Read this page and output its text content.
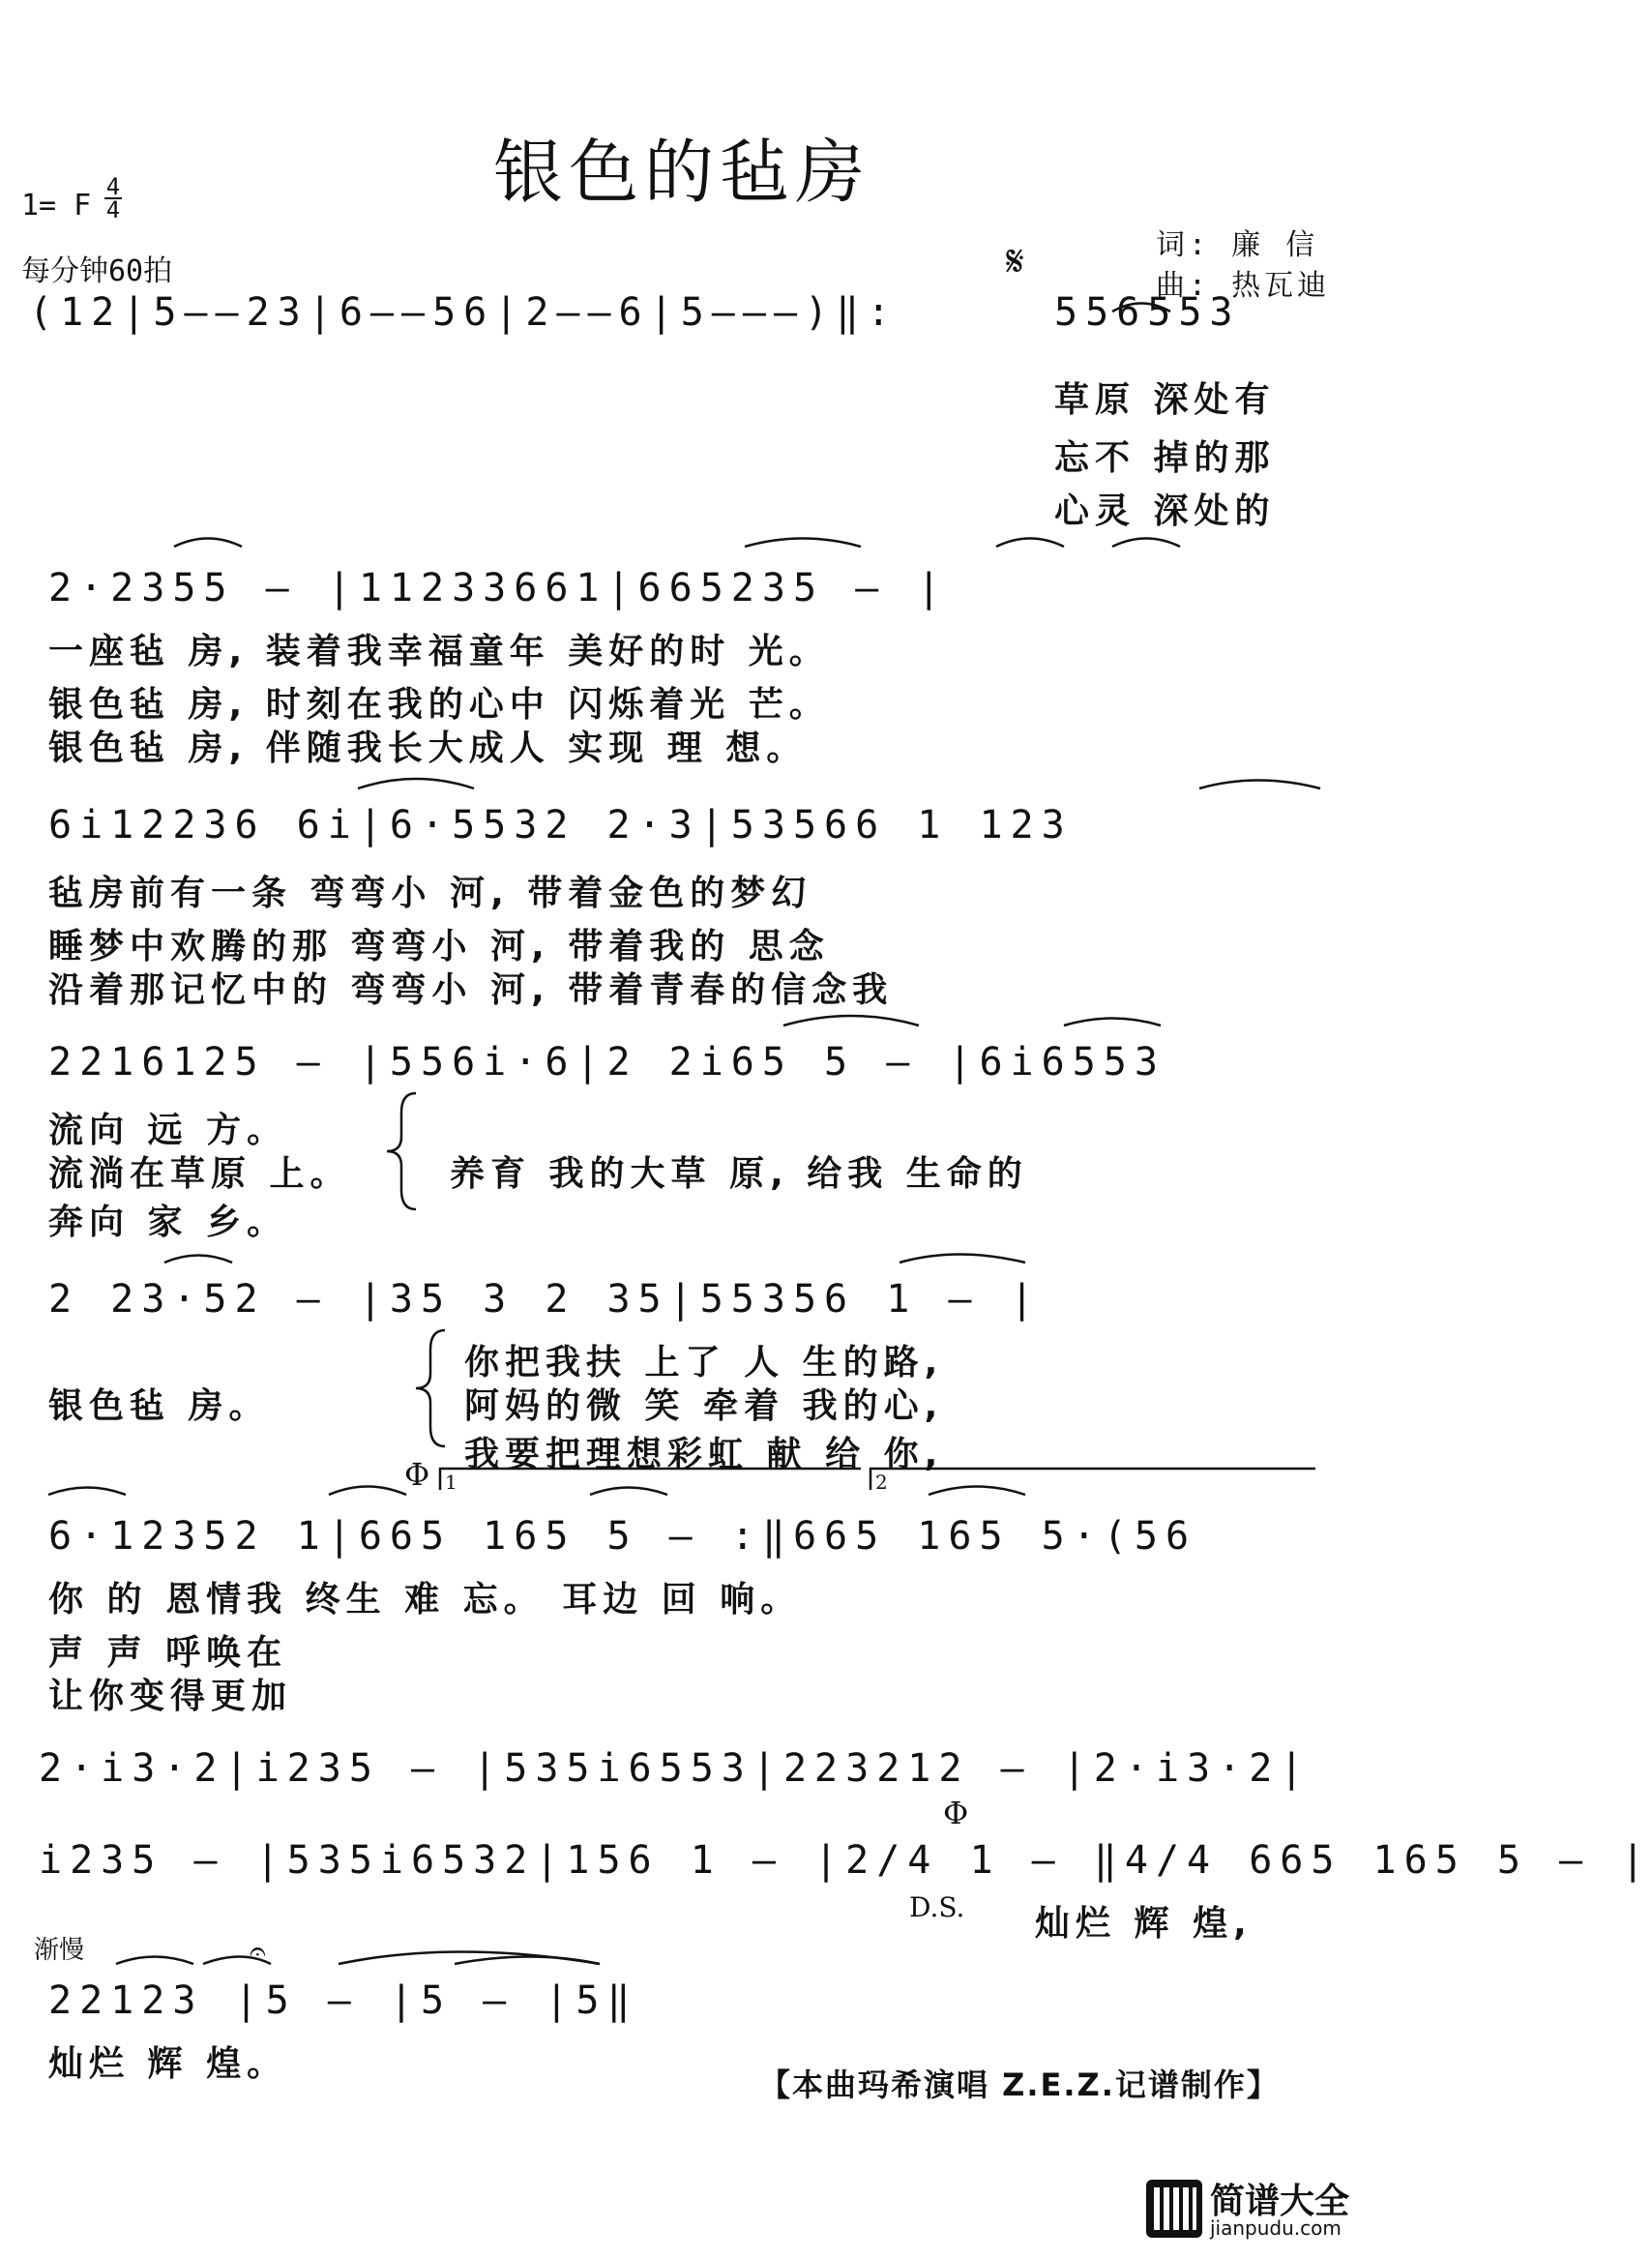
银色的毡房
1= F
4
4
每分钟60拍
词: 廉 信
曲: 热瓦迪
𝄋
(12|5——23|6——56|2——6|5———)‖:	556553
草原 深处有
忘不 掉的那
心灵 深处的
2·2355 — |11233661|665235 — |
一座毡 房, 装着我幸福童年 美好的时 光。
银色毡 房, 时刻在我的心中 闪烁着光 芒。
银色毡 房, 伴随我长大成人 实现 理 想。
6i12236 6i|6·5532 2·3|53566 1 123
毡房前有一条 弯弯小 河, 带着金色的梦幻
睡梦中欢腾的那 弯弯小 河, 带着我的 思念
沿着那记忆中的 弯弯小 河, 带着青春的信念我
2216125 — |556i·6|2 2i65 5 — |6i6553
流向 远 方。
流淌在草原 上。
奔向 家 乡。
养育 我的大草 原, 给我 生命的
2 23·52 — |35 3 2 35|55356 1 — |
银色毡 房。
你把我扶 上了 人 生的路,
阿妈的微 笑 牵着 我的心,
我要把理想彩虹 献 给 你,
Φ 1	2
6·12352 1|665 165 5 — :‖665 165 5·(56
你 的 恩情我 终生 难 忘。 耳边 回 响。
声 声 呼唤在
让你变得更加
2·i3·2|i235 — |535i6553|223212 — |2·i3·2|
Φ
i235 — |535i6532|156 1 — |2/4 1 — ‖4/4 665 165 5 — |
D.S. 灿烂 辉 煌,
渐慢	𝄐
22123 |5 — |5 — |5‖
灿烂 辉 煌。
【本曲玛希演唱 Z.E.Z.记谱制作】
简谱大全
jianpudu.com
